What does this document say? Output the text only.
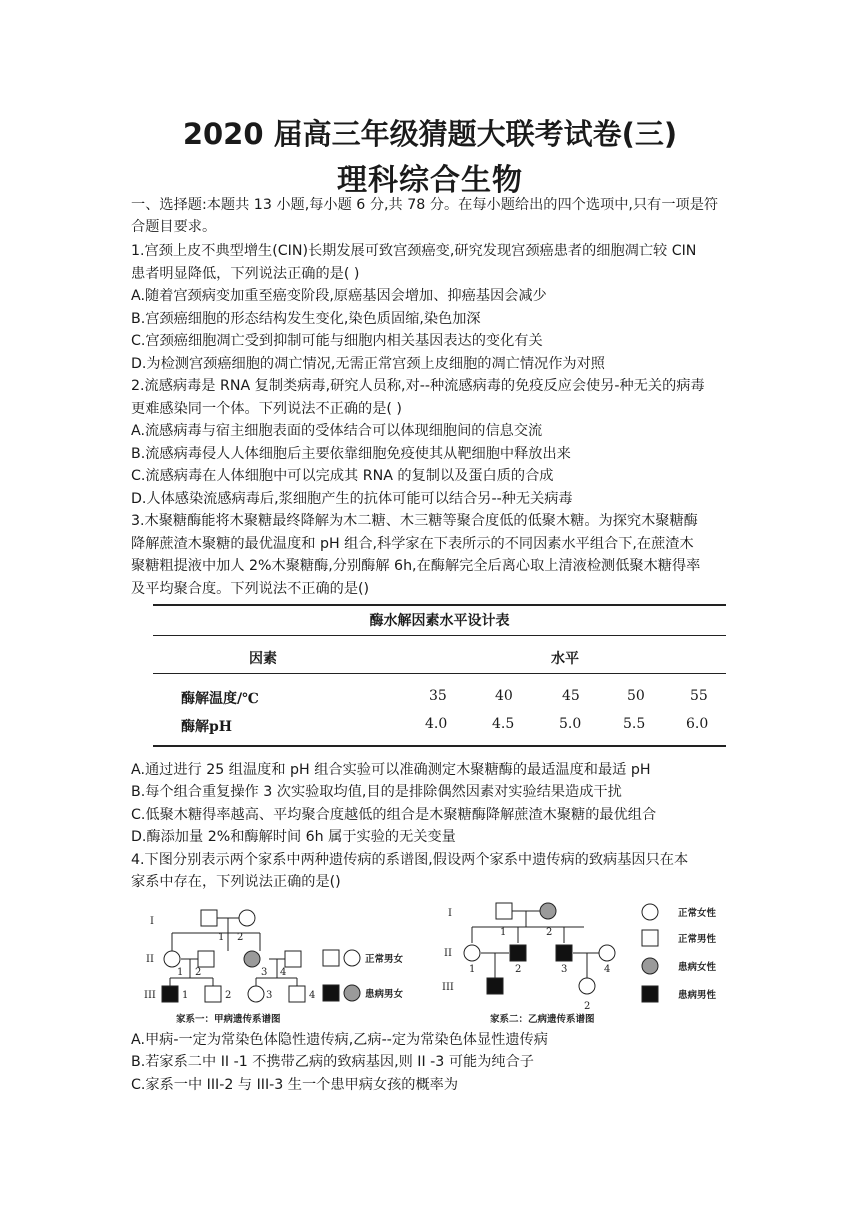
2020 届高三年级猜题大联考试卷(三)
理科综合生物
一、选择题:本题共 13 小题,每小题 6 分,共 78 分。在每小题给出的四个选项中,只有一项是符
合题目要求。
1.宫颈上皮不典型增生(CIN)长期发展可致宫颈癌变,研究发现宫颈癌患者的细胞凋亡较 CIN
患者明显降低，下列说法正确的是( )
A.随着宫颈病变加重至癌变阶段,原癌基因会增加、抑癌基因会减少
B.宫颈癌细胞的形态结构发生变化,染色质固缩,染色加深
C.宫颈癌细胞凋亡受到抑制可能与细胞内相关基因表达的变化有关
D.为检测宫颈癌细胞的凋亡情况,无需正常宫颈上皮细胞的凋亡情况作为对照
2.流感病毒是 RNA 复制类病毒,研究人员称,对--种流感病毒的免疫反应会使另-种无关的病毒
更难感染同一个体。下列说法不正确的是( )
A.流感病毒与宿主细胞表面的受体结合可以体现细胞间的信息交流
B.流感病毒侵人人体细胞后主要依靠细胞免疫使其从靶细胞中释放出来
C.流感病毒在人体细胞中可以完成其 RNA 的复制以及蛋白质的合成
D.人体感染流感病毒后,浆细胞产生的抗体可能可以结合另--种无关病毒
3.木聚糖酶能将木聚糖最终降解为木二糖、木三糖等聚合度低的低聚木糖。为探究木聚糖酶
降解蔗渣木聚糖的最优温度和 pH 组合,科学家在下表所示的不同因素水平组合下,在蔗渣木
聚糖粗提液中加人 2%木聚糖酶,分别酶解 6h,在酶解完全后离心取上清液检测低聚木糖得率
及平均聚合度。下列说法不正确的是()
酶水解因素水平设计表
因素	水平
酶解温度/℃	35	40	45	50	55
酶解pH	4.0	4.5	5.0	5.5	6.0
A.通过进行 25 组温度和 pH 组合实验可以准确测定木聚糖酶的最适温度和最适 pH
B.每个组合重复操作 3 次实验取均值,目的是排除偶然因素对实验结果造成干扰
C.低聚木糖得率越高、平均聚合度越低的组合是木聚糖酶降解蔗渣木聚糖的最优组合
D.酶添加量 2%和酶解时间 6h 属于实验的无关变量
4.下图分别表示两个家系中两种遗传病的系谱图,假设两个家系中遗传病的致病基因只在本
家系中存在，下列说法正确的是()
I
II
III
1 2
1 2	3 4
1	2	3	4
正常男女
患病男女
家系一：甲病遗传系谱图
I
II
III
1	2
1	2	3	4
2
正常女性
正常男性
患病女性
患病男性
家系二：乙病遗传系谱图
A.甲病-一定为常染色体隐性遗传病,乙病--定为常染色体显性遗传病
B.若家系二中 II -1 不携带乙病的致病基因,则 II -3 可能为纯合子
C.家系一中 III-2 与 III-3 生一个患甲病女孩的概率为
